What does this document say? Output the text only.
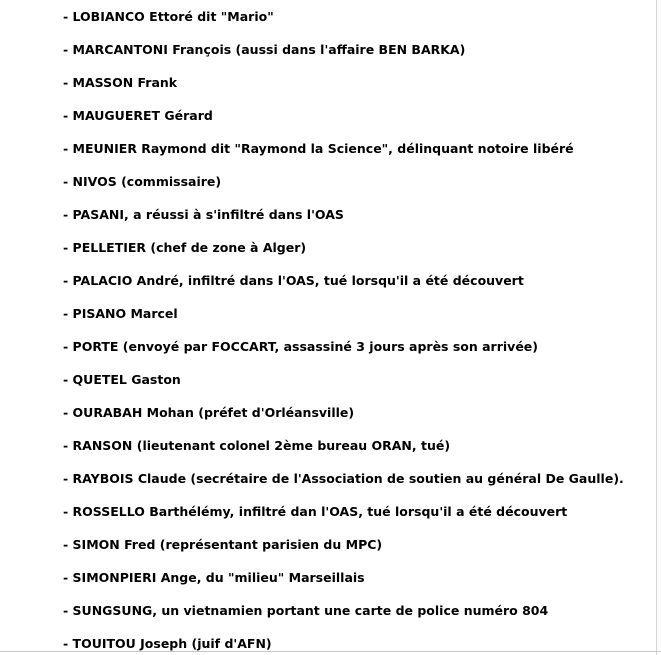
- LOBIANCO Ettoré dit "Mario"
- MARCANTONI François (aussi dans l'affaire BEN BARKA)
- MASSON Frank
- MAUGUERET Gérard
- MEUNIER Raymond dit "Raymond la Science", délinquant notoire libéré
- NIVOS (commissaire)
- PASANI, a réussi à s'infiltré dans l'OAS
- PELLETIER (chef de zone à Alger)
- PALACIO André, infiltré dans l'OAS, tué lorsqu'il a été découvert
- PISANO Marcel
- PORTE (envoyé par FOCCART, assassiné 3 jours après son arrivée)
- QUETEL Gaston
- OURABAH Mohan (préfet d'Orléansville)
- RANSON (lieutenant colonel 2ème bureau ORAN, tué)
- RAYBOIS Claude (secrétaire de l'Association de soutien au général De Gaulle).
- ROSSELLO Barthélémy, infiltré dan l'OAS, tué lorsqu'il a été découvert
- SIMON Fred (représentant parisien du MPC)
- SIMONPIERI Ange, du "milieu" Marseillais
- SUNGSUNG, un vietnamien portant une carte de police numéro 804
- TOUITOU Joseph (juif d'AFN)
